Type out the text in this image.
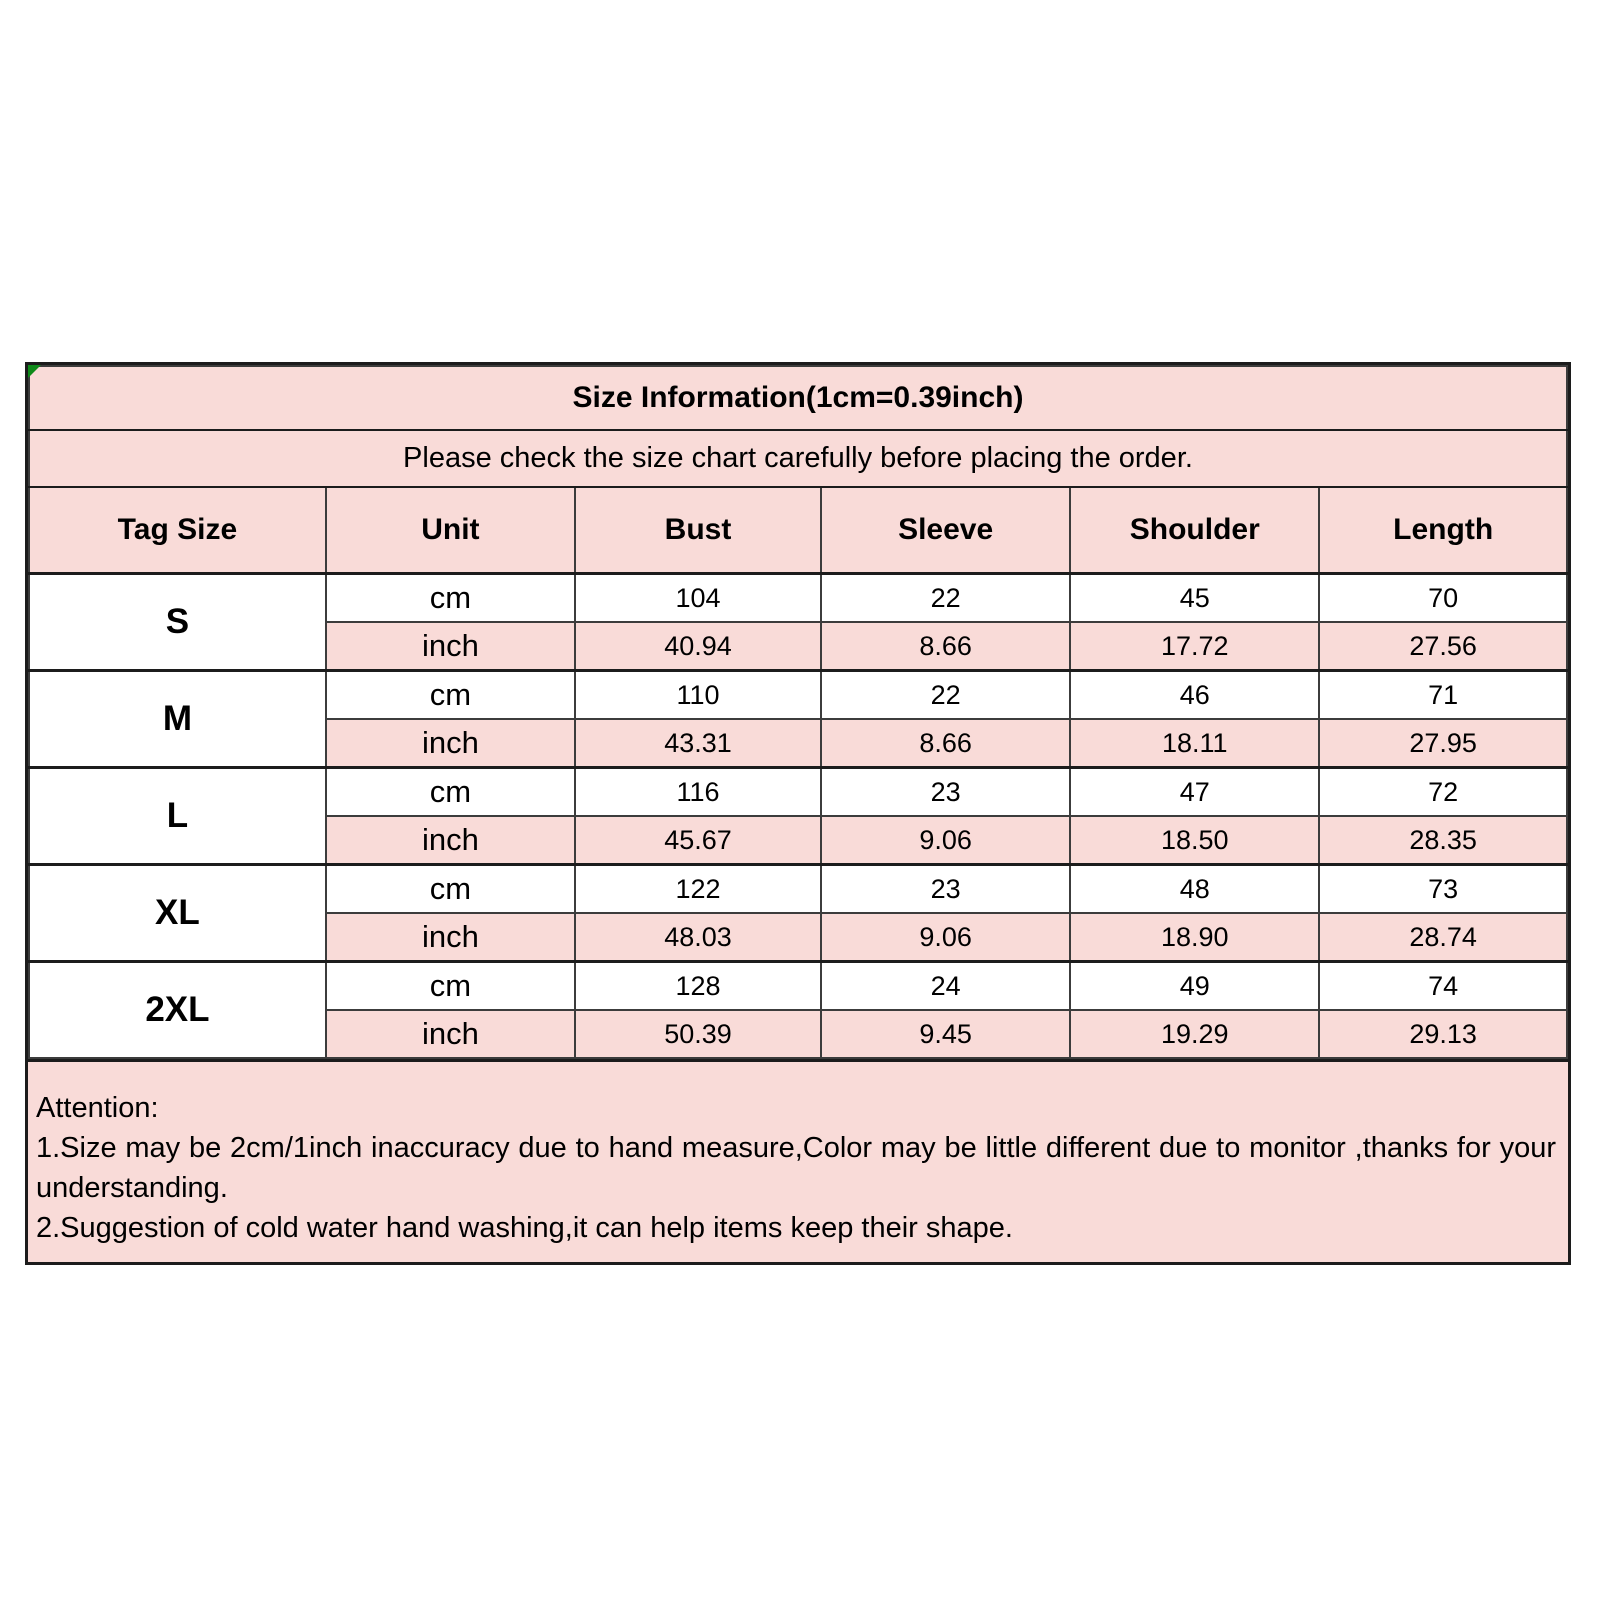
Size Information(1cm=0.39inch)					
Please check the size chart carefully before placing the order.					
Tag Size	Unit	Bust	Sleeve	Shoulder	Length
S	cm	104	22	45	70
	inch	40.94	8.66	17.72	27.56
M	cm	110	22	46	71
	inch	43.31	8.66	18.11	27.95
L	cm	116	23	47	72
	inch	45.67	9.06	18.50	28.35
XL	cm	122	23	48	73
	inch	48.03	9.06	18.90	28.74
2XL	cm	128	24	49	74
	inch	50.39	9.45	19.29	29.13

Attention:

1.Size may be 2cm/1inch inaccuracy due to hand measure,Color may be little different due to monitor ,thanks for your understanding.

2.Suggestion of cold water hand washing,it can help items keep their shape.
